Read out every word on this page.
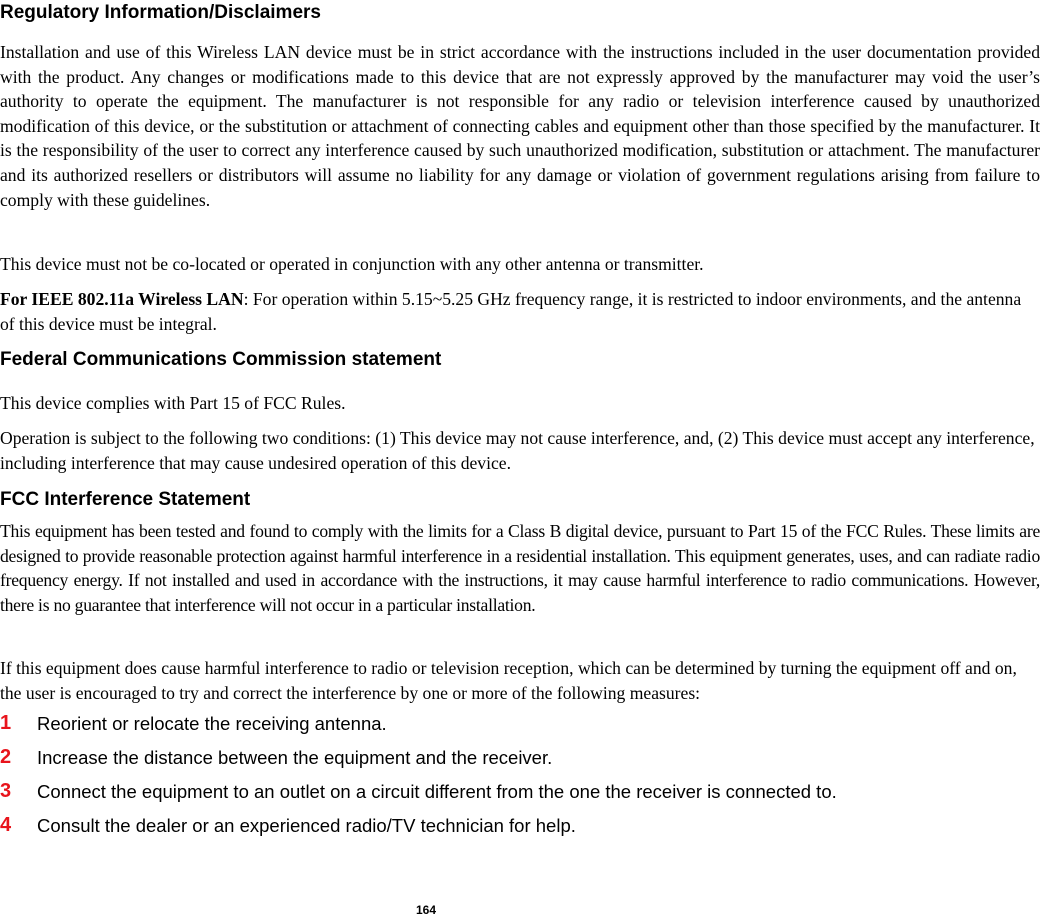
Regulatory Information/Disclaimers

Installation and use of this Wireless LAN device must be in strict accordance with the instructions included in the user documentation provided with the product. Any changes or modifications made to this device that are not expressly approved by the manufacturer may void the user’s authority to operate the equipment. The manufacturer is not responsible for any radio or television interference caused by unauthorized modification of this device, or the substitution or attachment of connecting cables and equipment other than those specified by the manufacturer. It is the responsibility of the user to correct any interference caused by such unauthorized modification, substitution or attachment. The manufacturer and its authorized resellers or distributors will assume no liability for any damage or violation of government regulations arising from failure to comply with these guidelines.

This device must not be co-located or operated in conjunction with any other antenna or transmitter.

For IEEE 802.11a Wireless LAN: For operation within 5.15~5.25 GHz frequency range, it is restricted to indoor environments, and the antenna of this device must be integral.

Federal Communications Commission statement

This device complies with Part 15 of FCC Rules.

Operation is subject to the following two conditions: (1) This device may not cause interference, and, (2) This device must accept any interference, including interference that may cause undesired operation of this device.

FCC Interference Statement

This equipment has been tested and found to comply with the limits for a Class B digital device, pursuant to Part 15 of the FCC Rules. These limits are designed to provide reasonable protection against harmful interference in a residential installation. This equipment generates, uses, and can radiate radio frequency energy. If not installed and used in accordance with the instructions, it may cause harmful interference to radio communications. However, there is no guarantee that interference will not occur in a particular installation.

If this equipment does cause harmful interference to radio or television reception, which can be determined by turning the equipment off and on, the user is encouraged to try and correct the interference by one or more of the following measures:

1 Reorient or relocate the receiving antenna.
2 Increase the distance between the equipment and the receiver.
3 Connect the equipment to an outlet on a circuit different from the one the receiver is connected to.
4 Consult the dealer or an experienced radio/TV technician for help.
164
